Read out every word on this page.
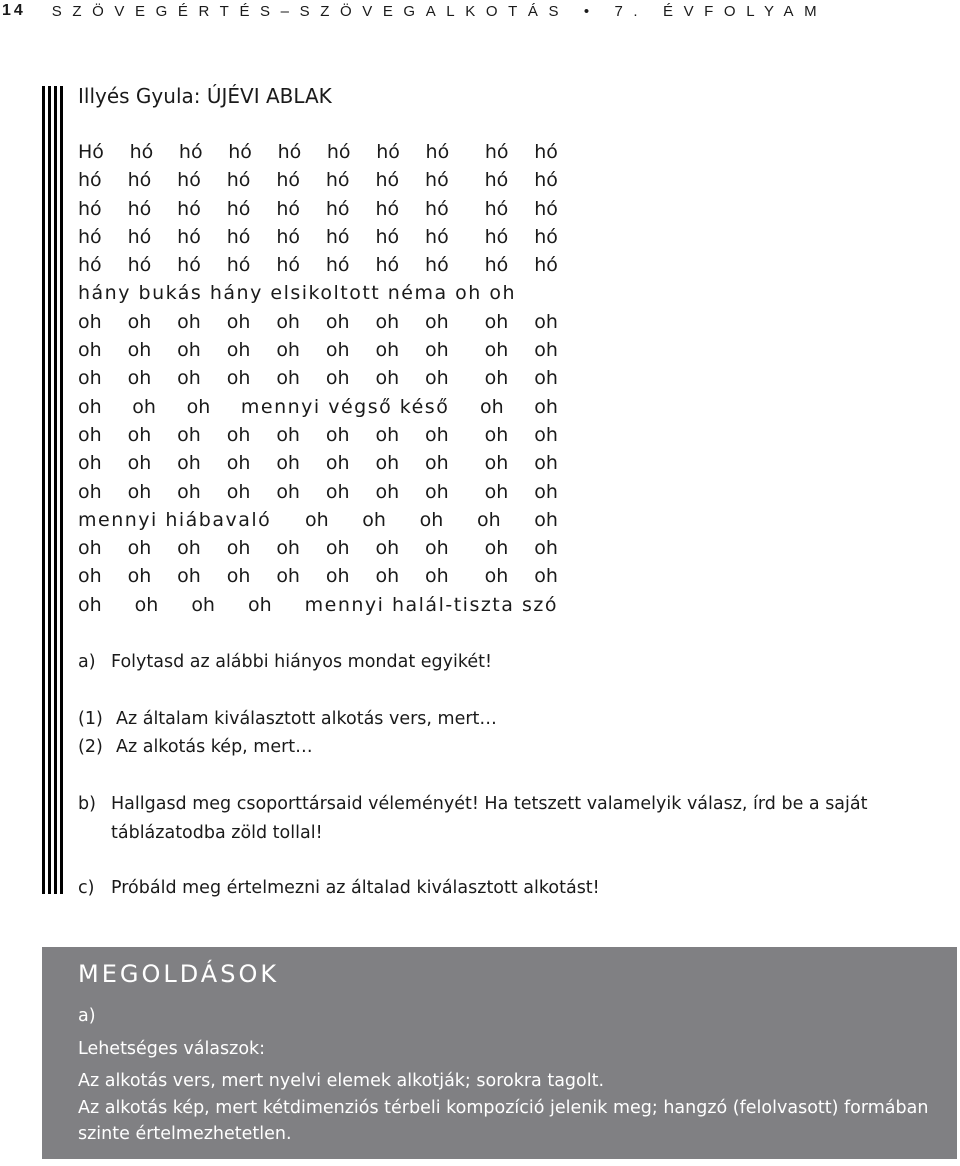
14 SZÖVEGÉRTÉS–SZÖVEGALKOTÁS • 7. ÉVFOLYAM
Illyés Gyula: ÚJÉVI ABLAK
Hó hó hó hó hó hó hó hó hó hó
hó hó hó hó hó hó hó hó hó hó
hó hó hó hó hó hó hó hó hó hó
hó hó hó hó hó hó hó hó hó hó
hó hó hó hó hó hó hó hó hó hó
hány bukás hány elsikoltott néma oh oh
oh oh oh oh oh oh oh oh oh oh
oh oh oh oh oh oh oh oh oh oh
oh oh oh oh oh oh oh oh oh oh
oh oh oh mennyi végső késő oh oh
oh oh oh oh oh oh oh oh oh oh
oh oh oh oh oh oh oh oh oh oh
oh oh oh oh oh oh oh oh oh oh
mennyi hiábavaló oh oh oh oh oh
oh oh oh oh oh oh oh oh oh oh
oh oh oh oh oh oh oh oh oh oh
oh oh oh oh mennyi halál-tiszta szó
a) Folytasd az alábbi hiányos mondat egyikét!
(1) Az általam kiválasztott alkotás vers, mert…
(2) Az alkotás kép, mert…
b) Hallgasd meg csoporttársaid véleményét! Ha tetszett valamelyik válasz, írd be a saját táblázatodba zöld tollal!
c) Próbáld meg értelmezni az általad kiválasztott alkotást!
MEGOLDÁSOK
a)
Lehetséges válaszok:
Az alkotás vers, mert nyelvi elemek alkotják; sorokra tagolt.
Az alkotás kép, mert kétdimenziós térbeli kompozíció jelenik meg; hangzó (felolvasott) formában szinte értelmezhetetlen.
